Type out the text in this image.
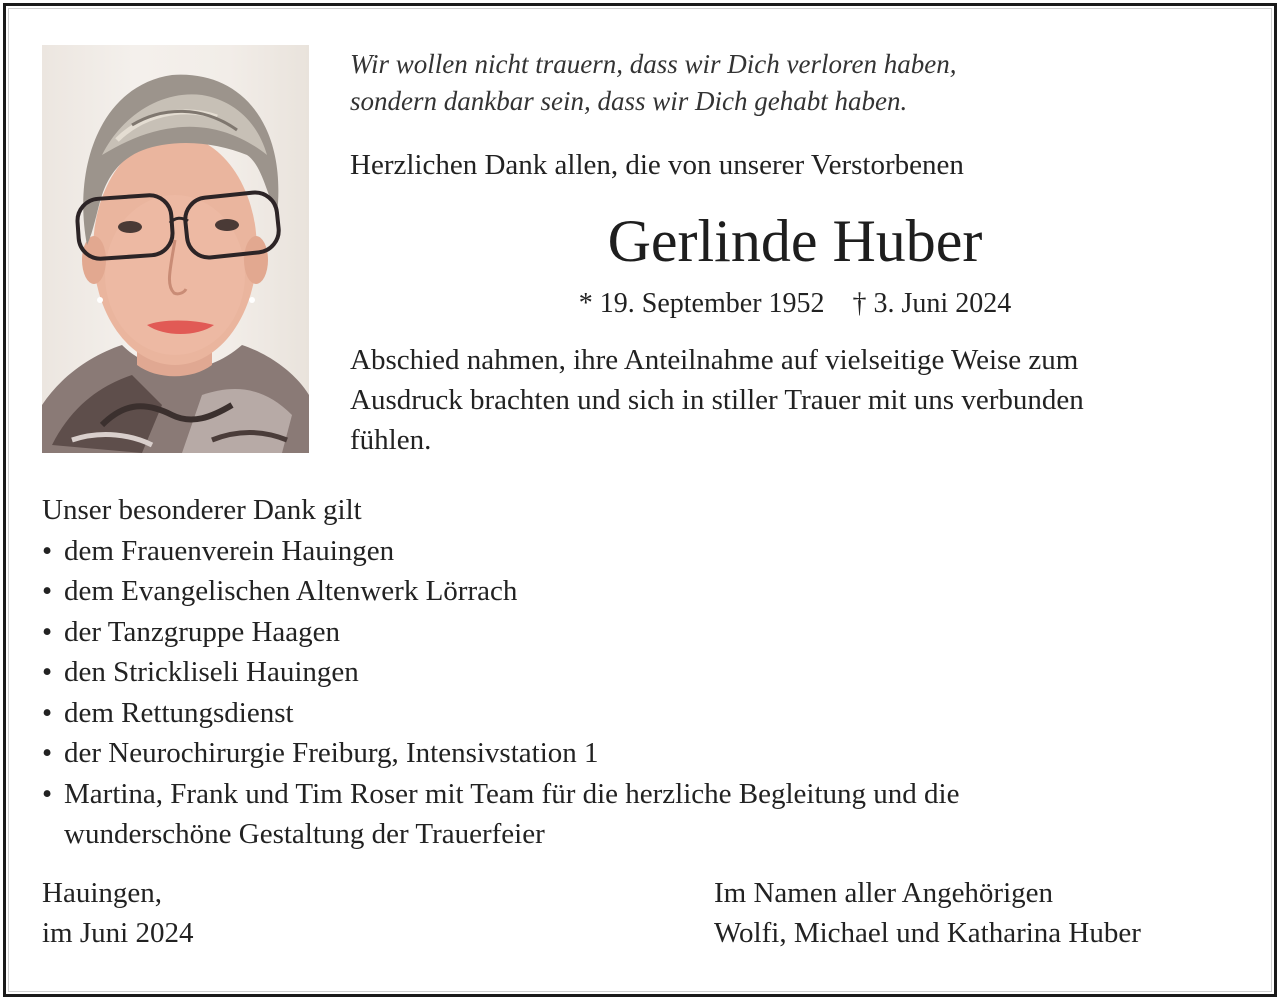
Wir wollen nicht trauern, dass wir Dich verloren haben,
sondern dankbar sein, dass wir Dich gehabt haben.
Herzlichen Dank allen, die von unserer Verstorbenen
Gerlinde Huber
* 19. September 1952 † 3. Juni 2024
Abschied nahmen, ihre Anteilnahme auf vielseitige Weise zum
Ausdruck brachten und sich in stiller Trauer mit uns verbunden
fühlen.
Unser besonderer Dank gilt
• dem Frauenverein Hauingen
• dem Evangelischen Altenwerk Lörrach
• der Tanzgruppe Haagen
• den Strickliseli Hauingen
• dem Rettungsdienst
• der Neurochirurgie Freiburg, Intensivstation 1
• Martina, Frank und Tim Roser mit Team für die herzliche Begleitung und die
wunderschöne Gestaltung der Trauerfeier
Hauingen,
im Juni 2024
Im Namen aller Angehörigen
Wolfi, Michael und Katharina Huber
